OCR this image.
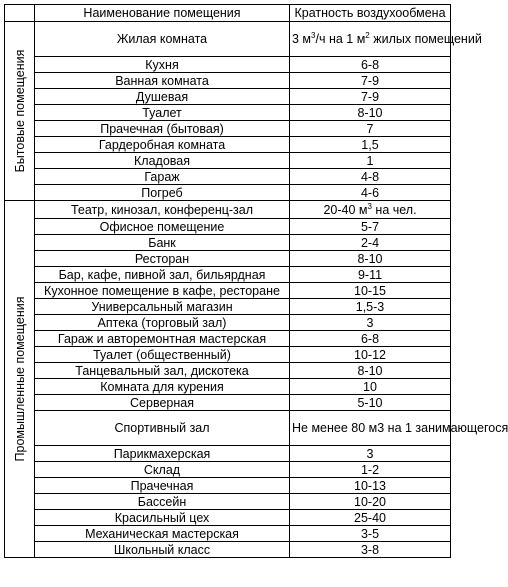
	Наименование помещения	Кратность воздухообмена

Бытовые помещения	Жилая комната	3 $м^3/ч$ на 1 $м^2$ жилых помещений
	Кухня	6-8
	Ванная комната	7-9
	Душевая	7-9
	Туалет	8-10
	Прачечная (бытовая)	7
	Гардеробная комната	1,5
	Кладовая	1
	Гараж	4-8
	Погреб	4-6

Промышленные помещения	Театр, кинозал, конференц-зал	20-40 $м^3$ на чел.
	Офисное помещение	5-7
	Банк	2-4
	Ресторан	8-10
	Бар, кафе, пивной зал, бильярдная	9-11
	Кухонное помещение в кафе, ресторане	10-15
	Универсальный магазин	1,5-3
	Аптека (торговый зал)	3
	Гараж и авторемонтная мастерская	6-8
	Туалет (общественный)	10-12
	Танцевальный зал, дискотека	8-10
	Комната для курения	10
	Серверная	5-10
	Спортивный зал	Не менее 80 м3 на 1 занимающегося
	Парикмахерская	3
	Склад	1-2
	Прачечная	10-13
	Бассейн	10-20
	Красильный цех	25-40
	Механическая мастерская	3-5
	Школьный класс	3-8
